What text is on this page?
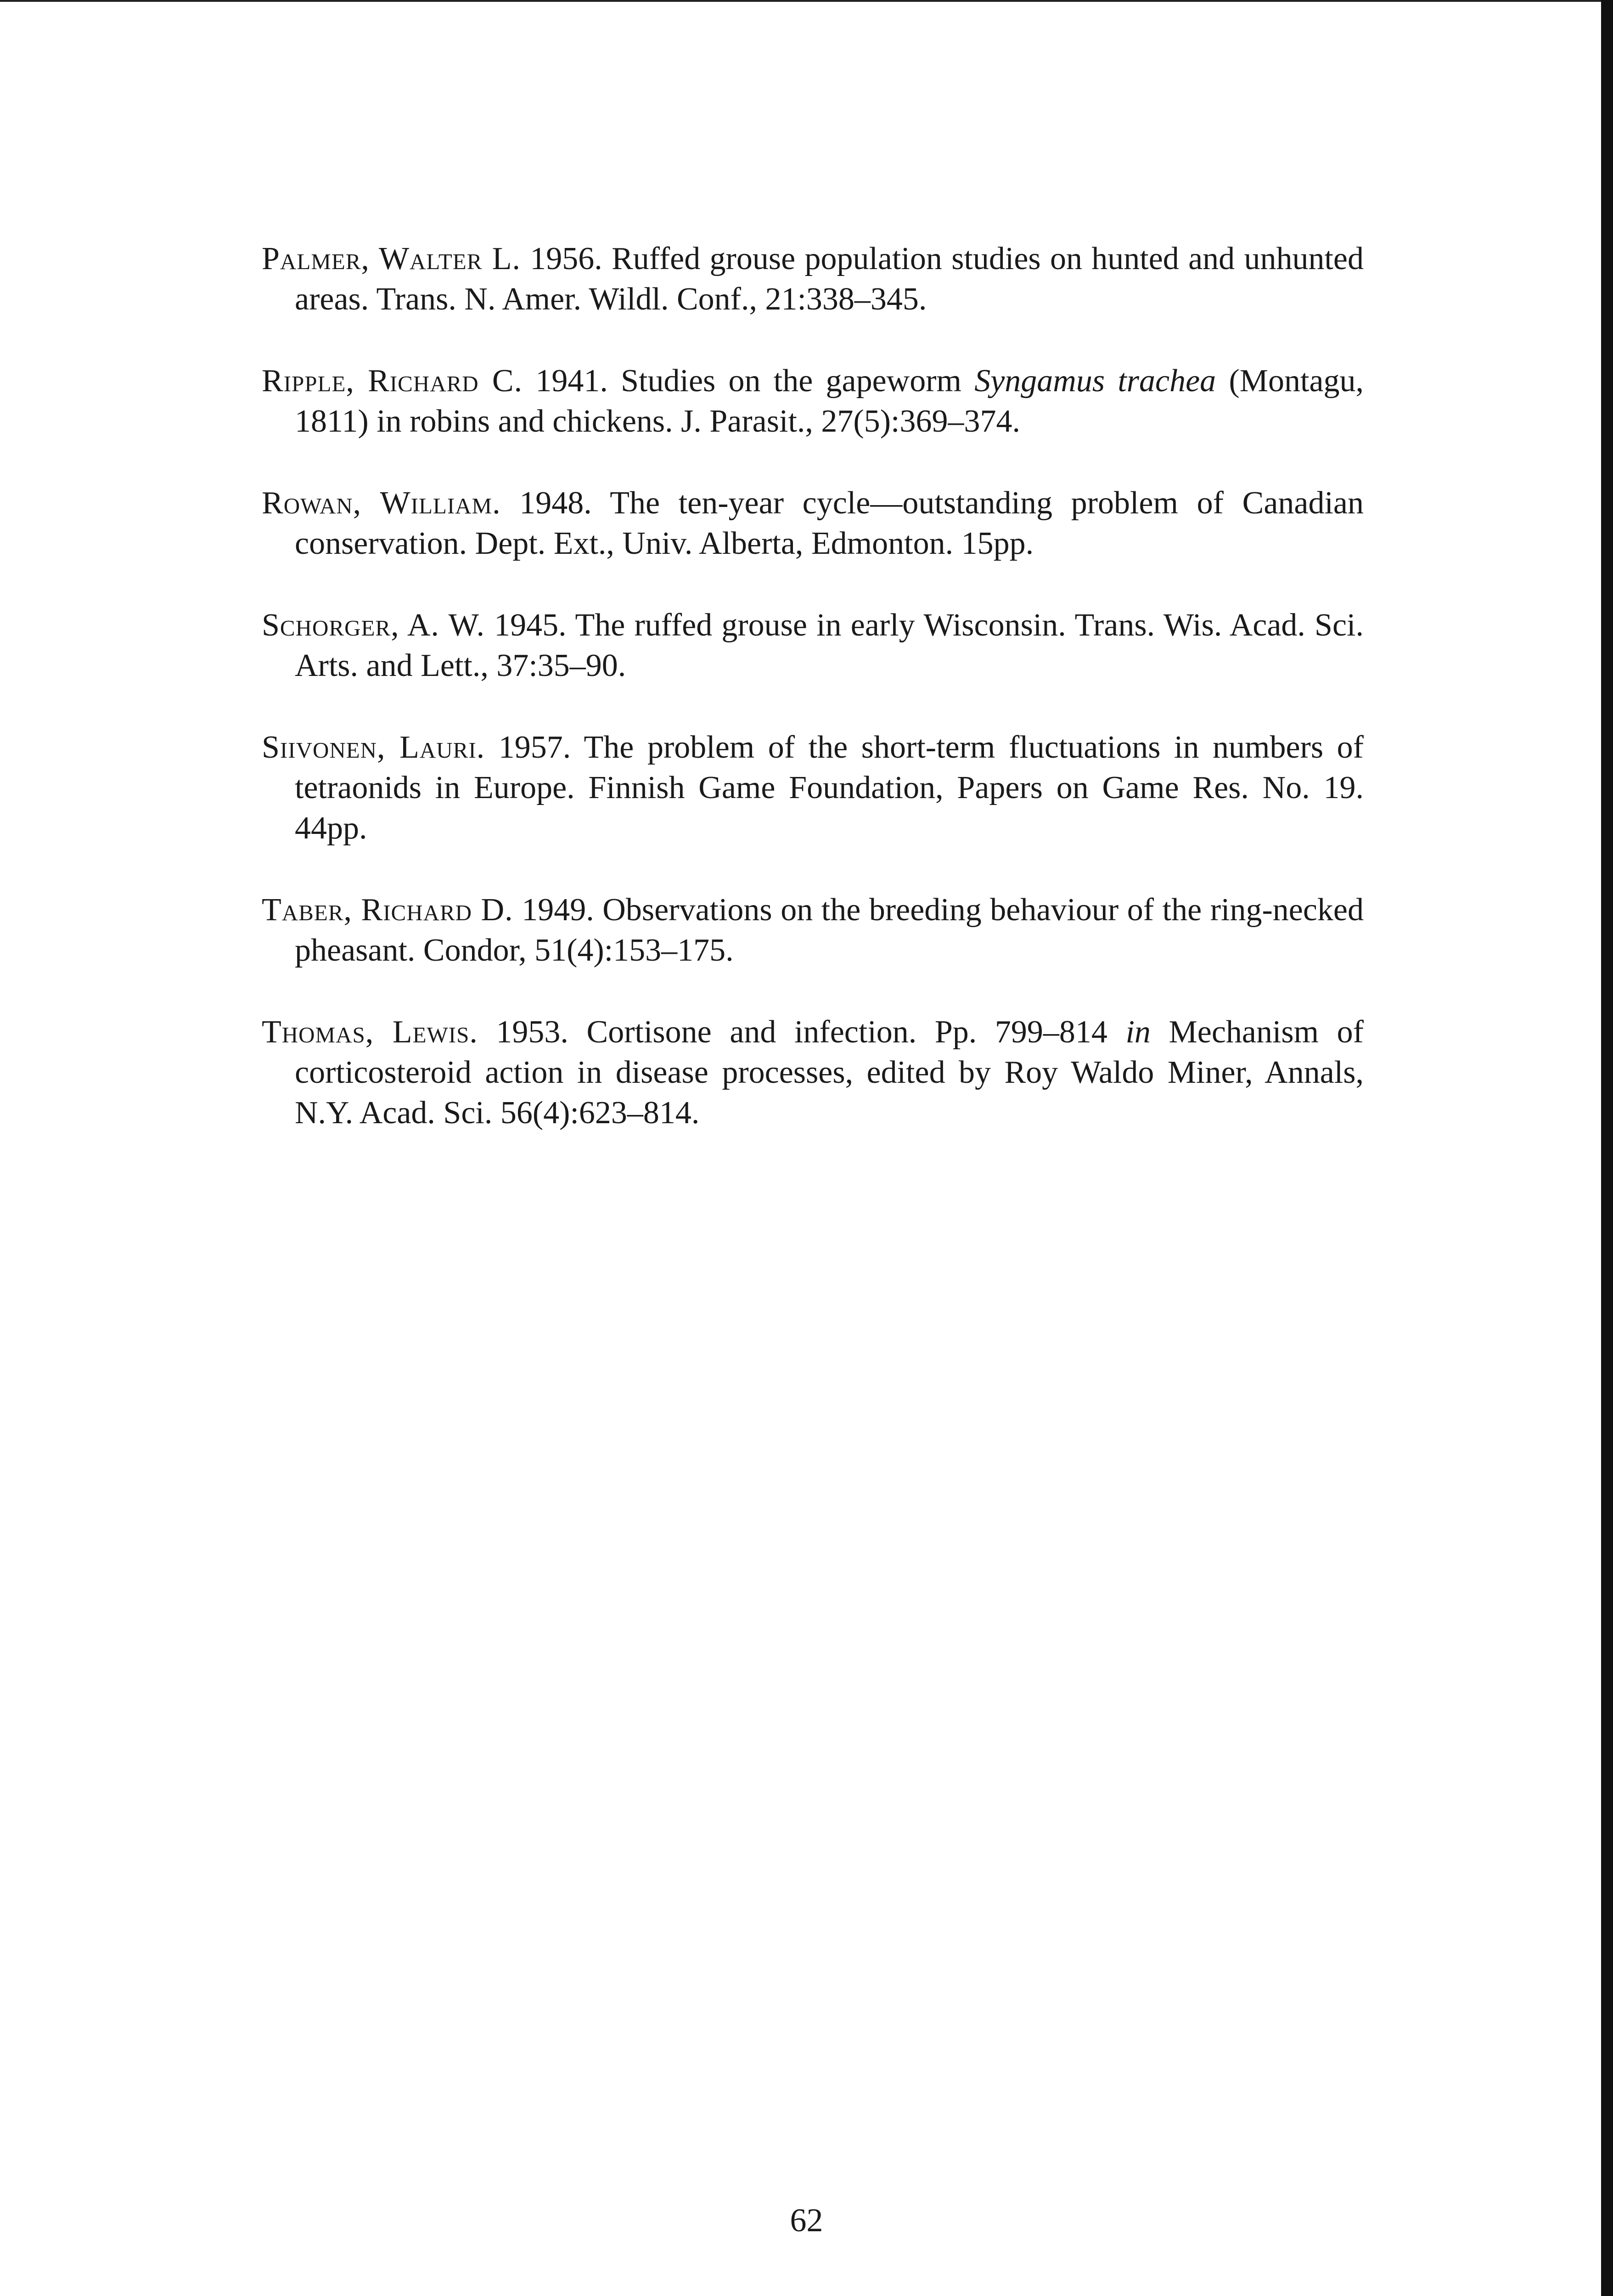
Palmer, Walter L. 1956. Ruffed grouse population studies on hunted and unhunted areas. Trans. N. Amer. Wildl. Conf., 21:338–345.
Ripple, Richard C. 1941. Studies on the gapeworm Syngamus trachea (Montagu, 1811) in robins and chickens. J. Parasit., 27(5):369–374.
Rowan, William. 1948. The ten-year cycle—outstanding problem of Canadian conservation. Dept. Ext., Univ. Alberta, Edmonton. 15pp.
Schorger, A. W. 1945. The ruffed grouse in early Wisconsin. Trans. Wis. Acad. Sci. Arts. and Lett., 37:35–90.
Siivonen, Lauri. 1957. The problem of the short-term fluctuations in numbers of tetraonids in Europe. Finnish Game Foundation, Papers on Game Res. No. 19. 44pp.
Taber, Richard D. 1949. Observations on the breeding behaviour of the ring-necked pheasant. Condor, 51(4):153–175.
Thomas, Lewis. 1953. Cortisone and infection. Pp. 799–814 in Mechanism of corticosteroid action in disease processes, edited by Roy Waldo Miner, Annals, N.Y. Acad. Sci. 56(4):623–814.
62
